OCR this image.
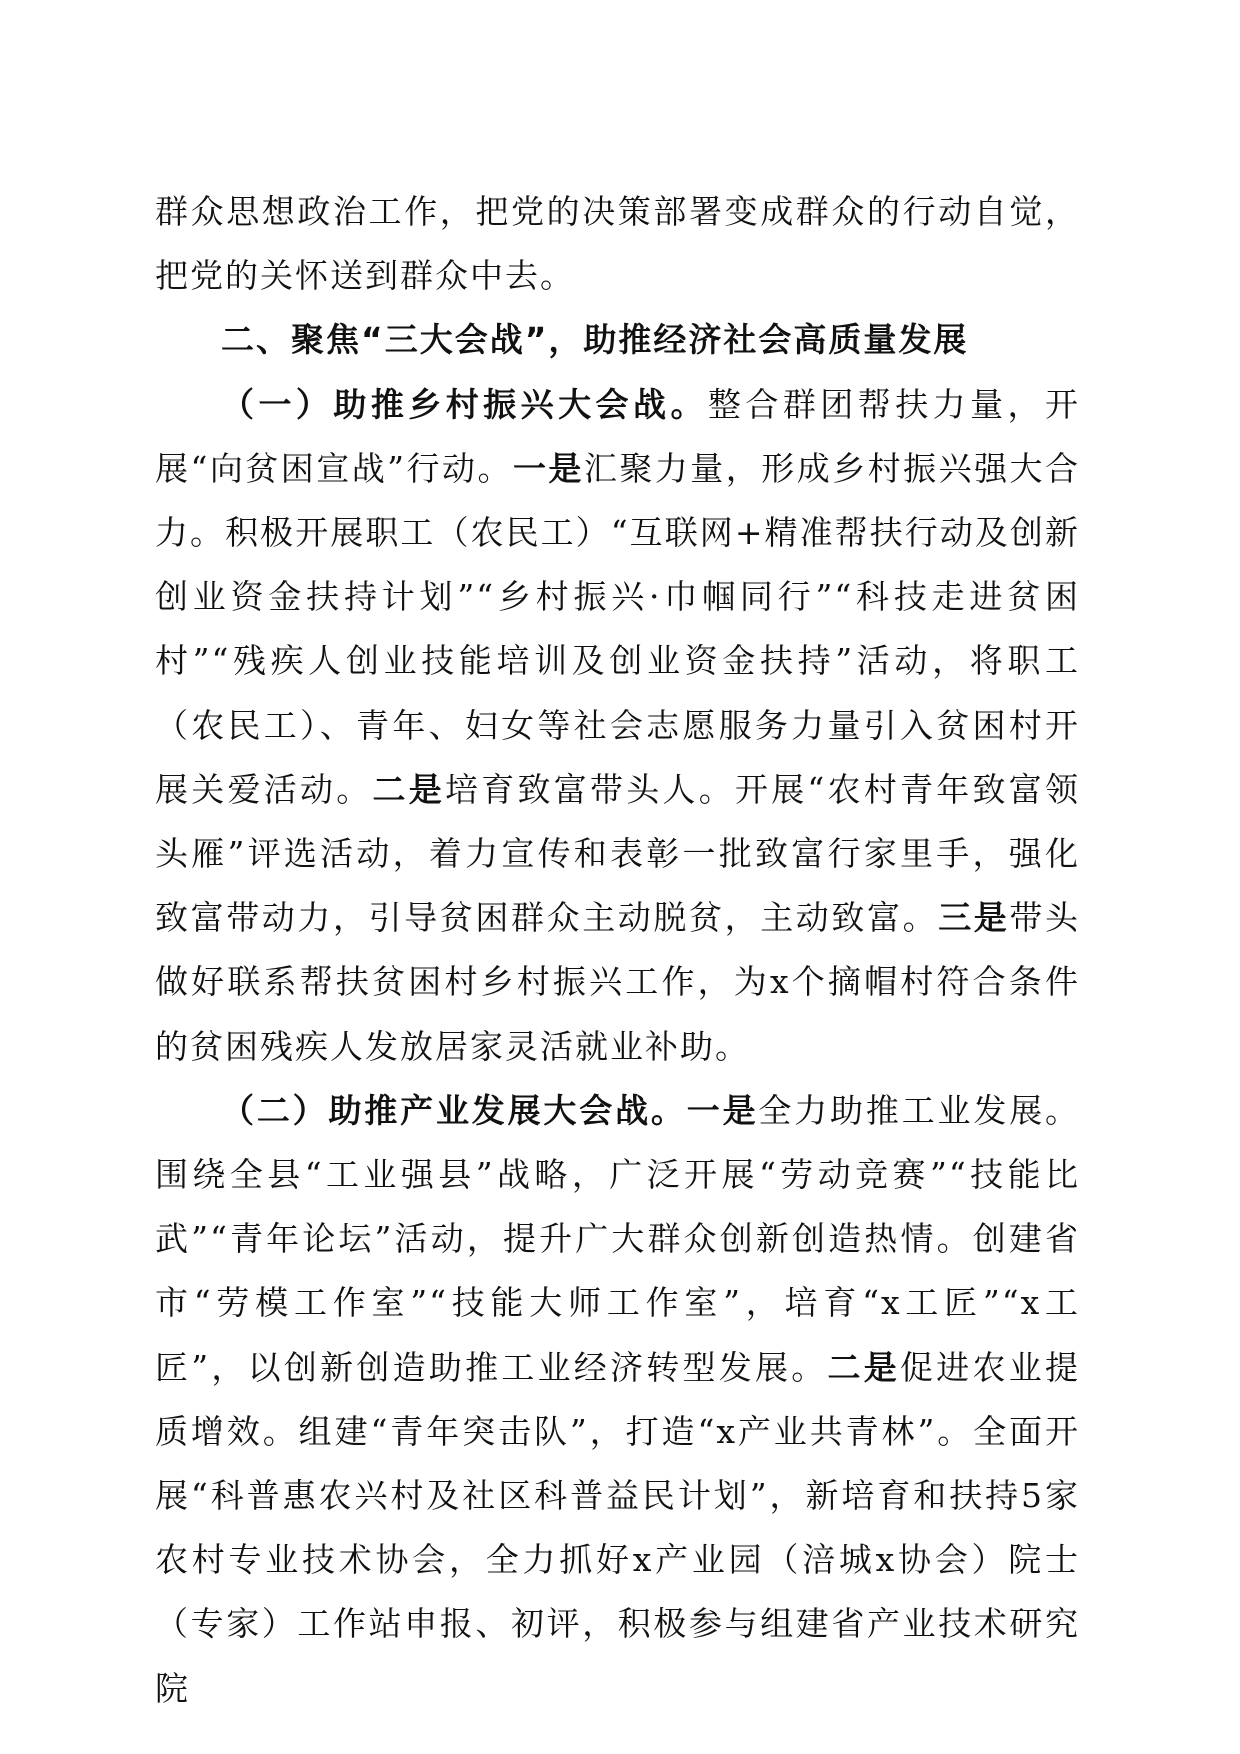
群众思想政治工作，把党的决策部署变成群众的行动自觉，把党的关怀送到群众中去。

二、聚焦“三大会战”，助推经济社会高质量发展

（一）助推乡村振兴大会战。整合群团帮扶力量，开展“向贫困宣战”行动。一是汇聚力量，形成乡村振兴强大合力。积极开展职工（农民工）“互联网+精准帮扶行动及创新创业资金扶持计划”“乡村振兴·巾帼同行”“科技走进贫困村”“残疾人创业技能培训及创业资金扶持”活动，将职工（农民工）、青年、妇女等社会志愿服务力量引入贫困村开展关爱活动。二是培育致富带头人。开展“农村青年致富领头雁”评选活动，着力宣传和表彰一批致富行家里手，强化致富带动力，引导贫困群众主动脱贫，主动致富。三是带头做好联系帮扶贫困村乡村振兴工作，为x个摘帽村符合条件的贫困残疾人发放居家灵活就业补助。

（二）助推产业发展大会战。一是全力助推工业发展。围绕全县“工业强县”战略，广泛开展“劳动竞赛”“技能比武”“青年论坛”活动，提升广大群众创新创造热情。创建省市“劳模工作室”“技能大师工作室”，培育“x工匠”“x工匠”，以创新创造助推工业经济转型发展。二是促进农业提质增效。组建“青年突击队”，打造“x产业共青林”。全面开展“科普惠农兴村及社区科普益民计划”，新培育和扶持5家农村专业技术协会，全力抓好x产业园（涪城x协会）院士（专家）工作站申报、初评，积极参与组建省产业技术研究院
